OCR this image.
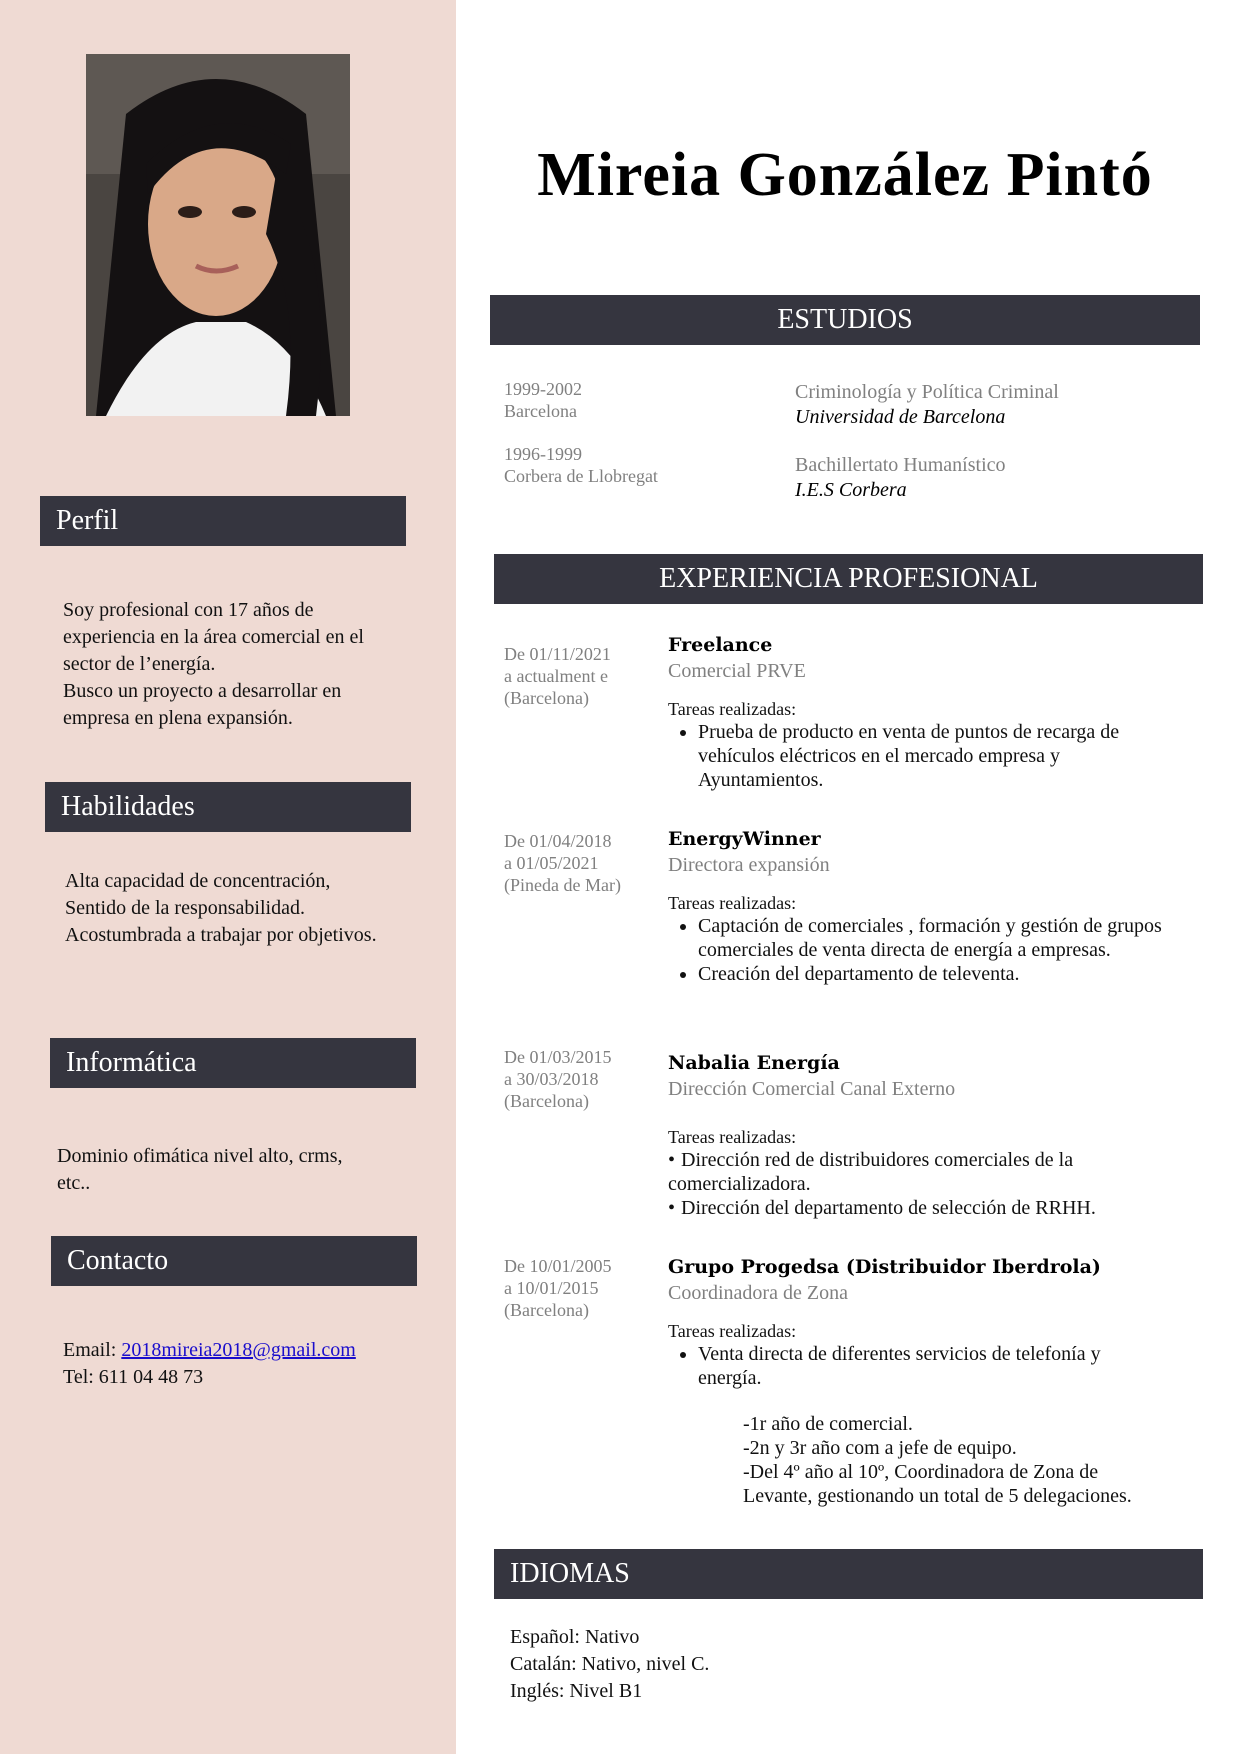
Perfil
Soy profesional con 17 años de
experiencia en la área comercial en el
sector de l’energía.
Busco un proyecto a desarrollar en
empresa en plena expansión.
Habilidades
Alta capacidad de concentración,
Sentido de la responsabilidad.
Acostumbrada a trabajar por objetivos.
Informática
Dominio ofimática nivel alto, crms,
etc..
Contacto
Email: 2018mireia2018@gmail.com
Tel: 611 04 48 73
Mireia González Pintó
ESTUDIOS
1999-2002
Barcelona
Criminología y Política Criminal
Universidad de Barcelona
1996-1999
Corbera de Llobregat	Bachillertato Humanístico
I.E.S Corbera
EXPERIENCIA PROFESIONAL
De 01/11/2021
a actualment e
(Barcelona)
Freelance
Comercial PRVE
Tareas realizadas:
• Prueba de producto en venta de puntos de recarga de vehículos eléctricos en el mercado empresa y Ayuntamientos.
De 01/04/2018
a 01/05/2021
(Pineda de Mar)
EnergyWinner
Directora expansión
Tareas realizadas:
• Captación de comerciales , formación y gestión de grupos comerciales de venta directa de energía a empresas.
• Creación del departamento de televenta.
De 01/03/2015
a 30/03/2018
(Barcelona)
Nabalia Energía
Dirección Comercial Canal Externo
Tareas realizadas:
• Dirección red de distribuidores comerciales de la
comercializadora.
• Dirección del departamento de selección de RRHH.
De 10/01/2005
a 10/01/2015
(Barcelona)
Grupo Progedsa (Distribuidor Iberdrola)
Coordinadora de Zona
Tareas realizadas:
• Venta directa de diferentes servicios de telefonía y energía.
-1r año de comercial.
-2n y 3r año com a jefe de equipo.
-Del 4º año al 10º, Coordinadora de Zona de
Levante, gestionando un total de 5 delegaciones.
IDIOMAS
Español: Nativo
Catalán: Nativo, nivel C.
Inglés: Nivel B1
